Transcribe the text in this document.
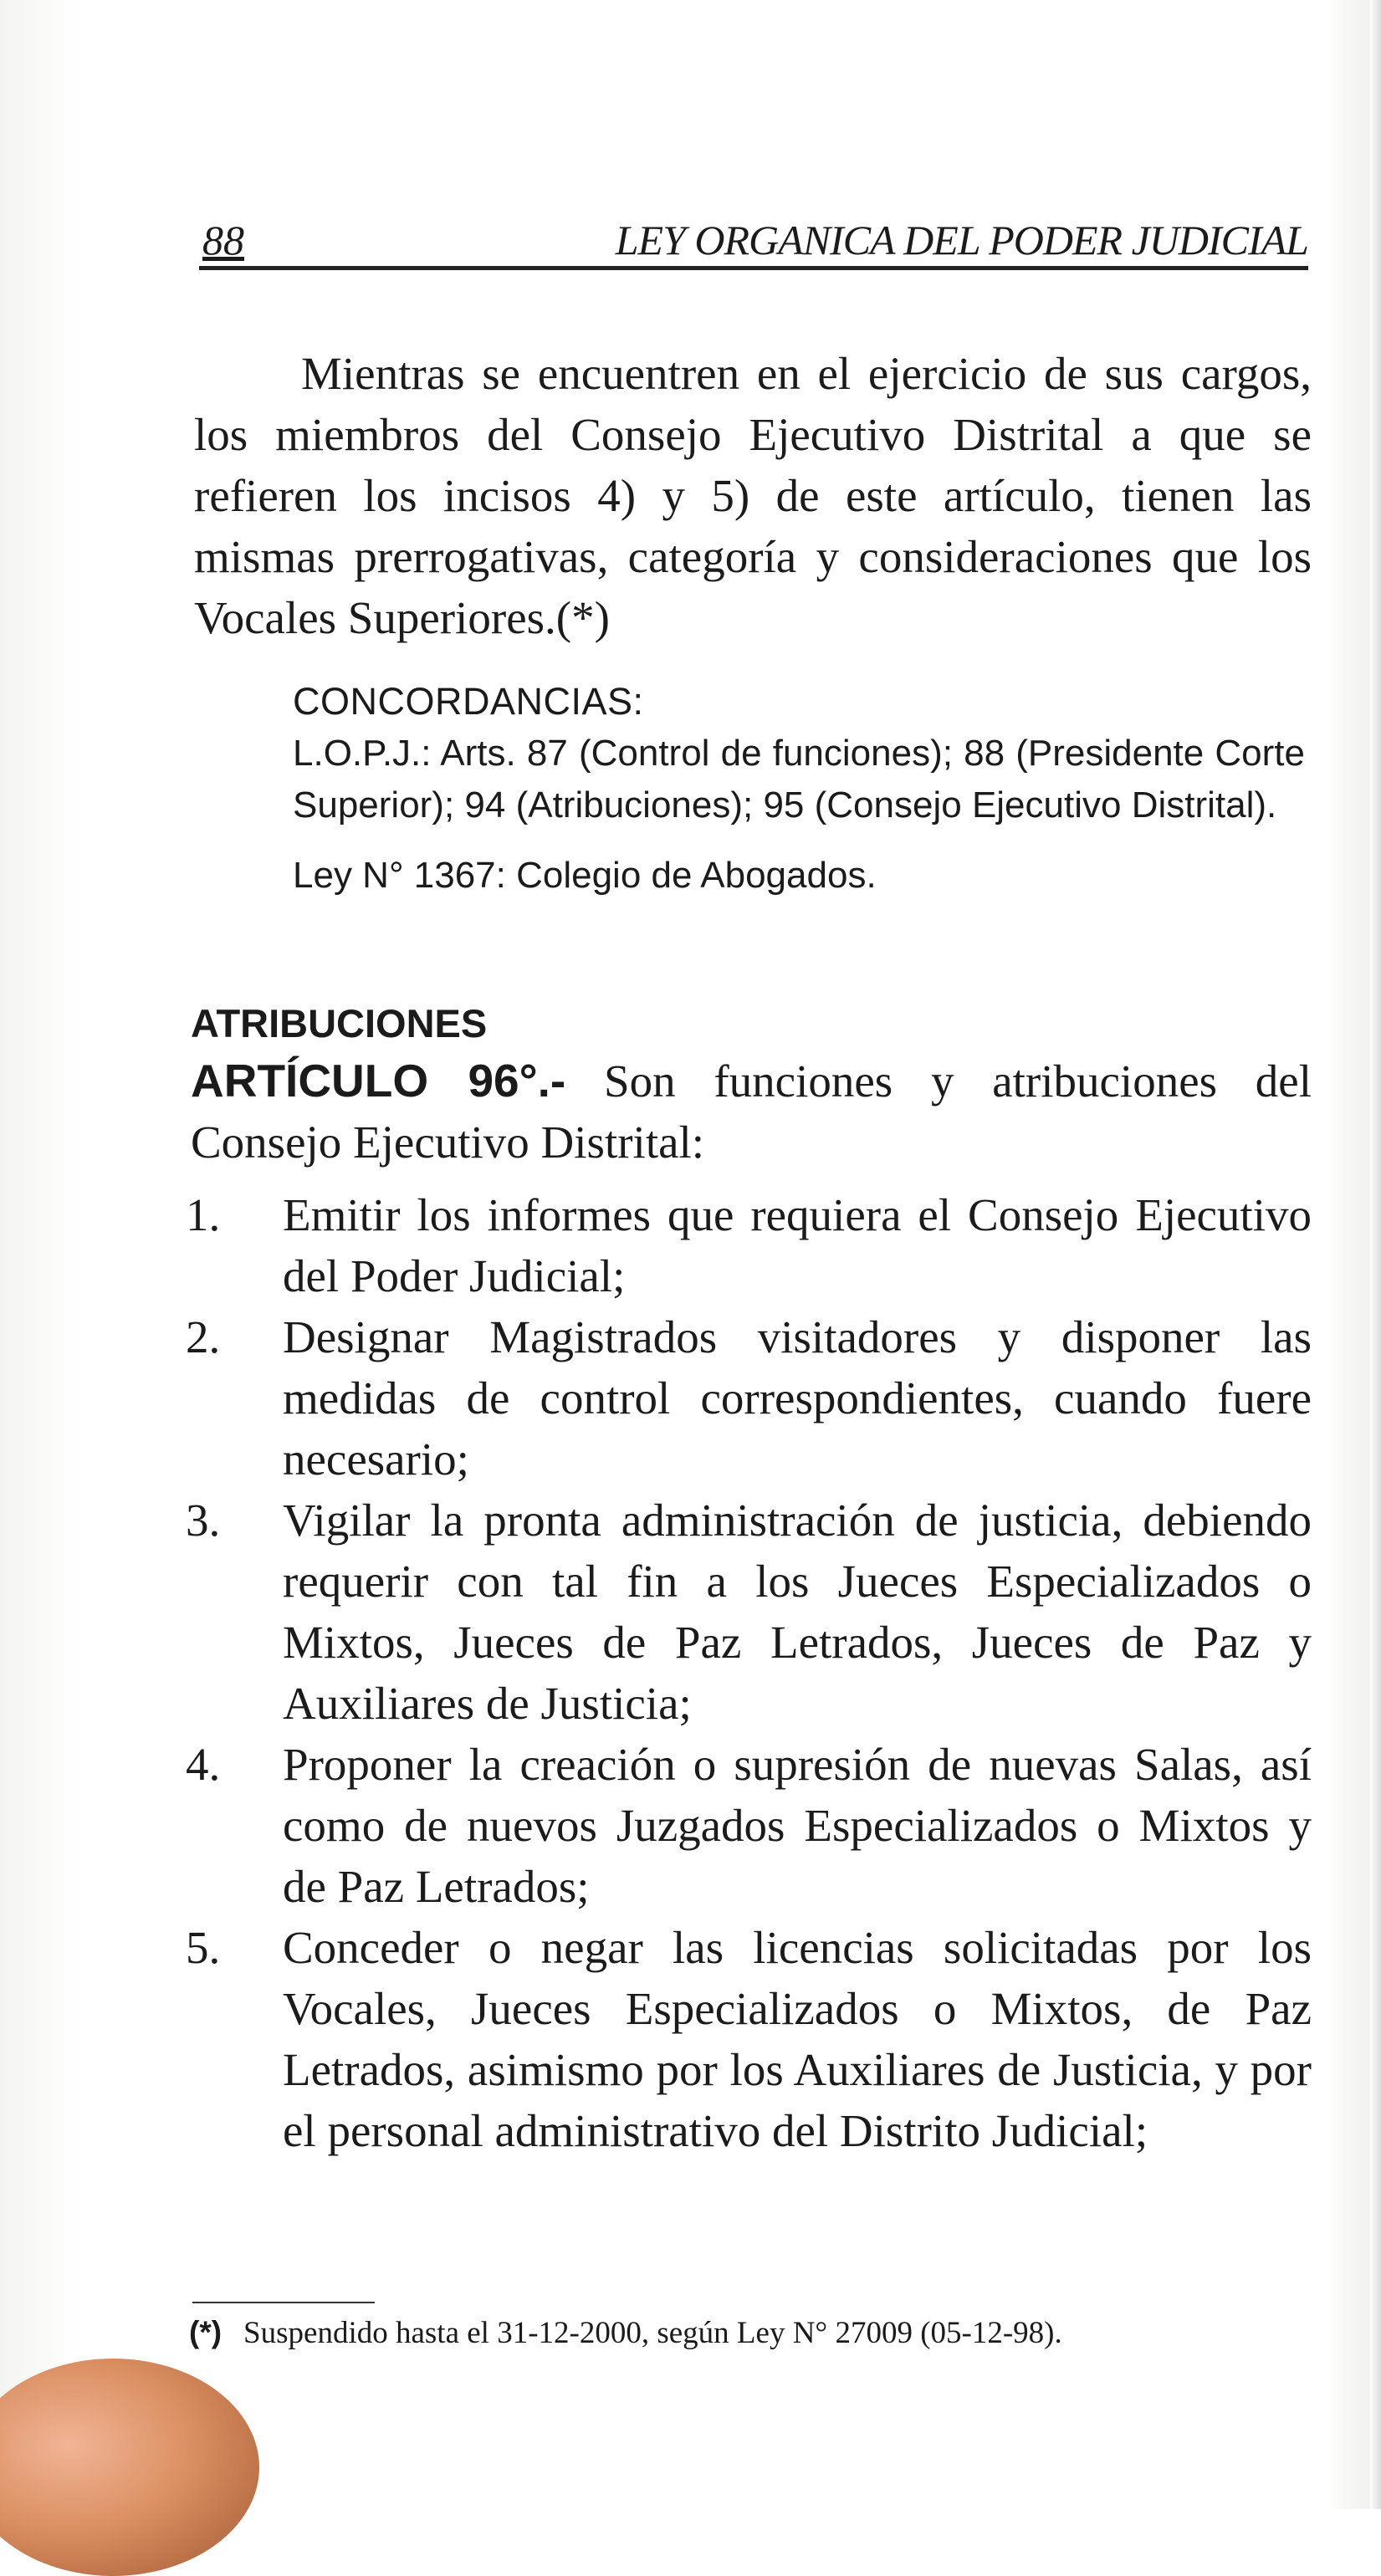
88	LEY ORGANICA DEL PODER JUDICIAL

Mientras se encuentren en el ejercicio de sus cargos, los miembros del Consejo Ejecutivo Distrital a que se refieren los incisos 4) y 5) de este artículo, tienen las mismas prerrogativas, categoría y consideraciones que los Vocales Superiores.(*)

CONCORDANCIAS:

L.O.P.J.: Arts. 87 (Control de funciones); 88 (Presidente Corte Superior); 94 (Atribuciones); 95 (Consejo Ejecutivo Distrital).

Ley N° 1367: Colegio de Abogados.

ATRIBUCIONES

ARTÍCULO 96°.- Son funciones y atribuciones del Consejo Ejecutivo Distrital:

1.	Emitir los informes que requiera el Consejo Ejecutivo del Poder Judicial;
2.	Designar Magistrados visitadores y disponer las medidas de control correspondientes, cuando fuere necesario;
3.	Vigilar la pronta administración de justicia, debiendo requerir con tal fin a los Jueces Especializados o Mixtos, Jueces de Paz Letrados, Jueces de Paz y Auxiliares de Justicia;
4.	Proponer la creación o supresión de nuevas Salas, así como de nuevos Juzgados Especializados o Mixtos y de Paz Letrados;
5.	Conceder o negar las licencias solicitadas por los Vocales, Jueces Especializados o Mixtos, de Paz Letrados, asimismo por los Auxiliares de Justicia, y por el personal administrativo del Distrito Judicial;
(*) Suspendido hasta el 31-12-2000, según Ley N° 27009 (05-12-98).
